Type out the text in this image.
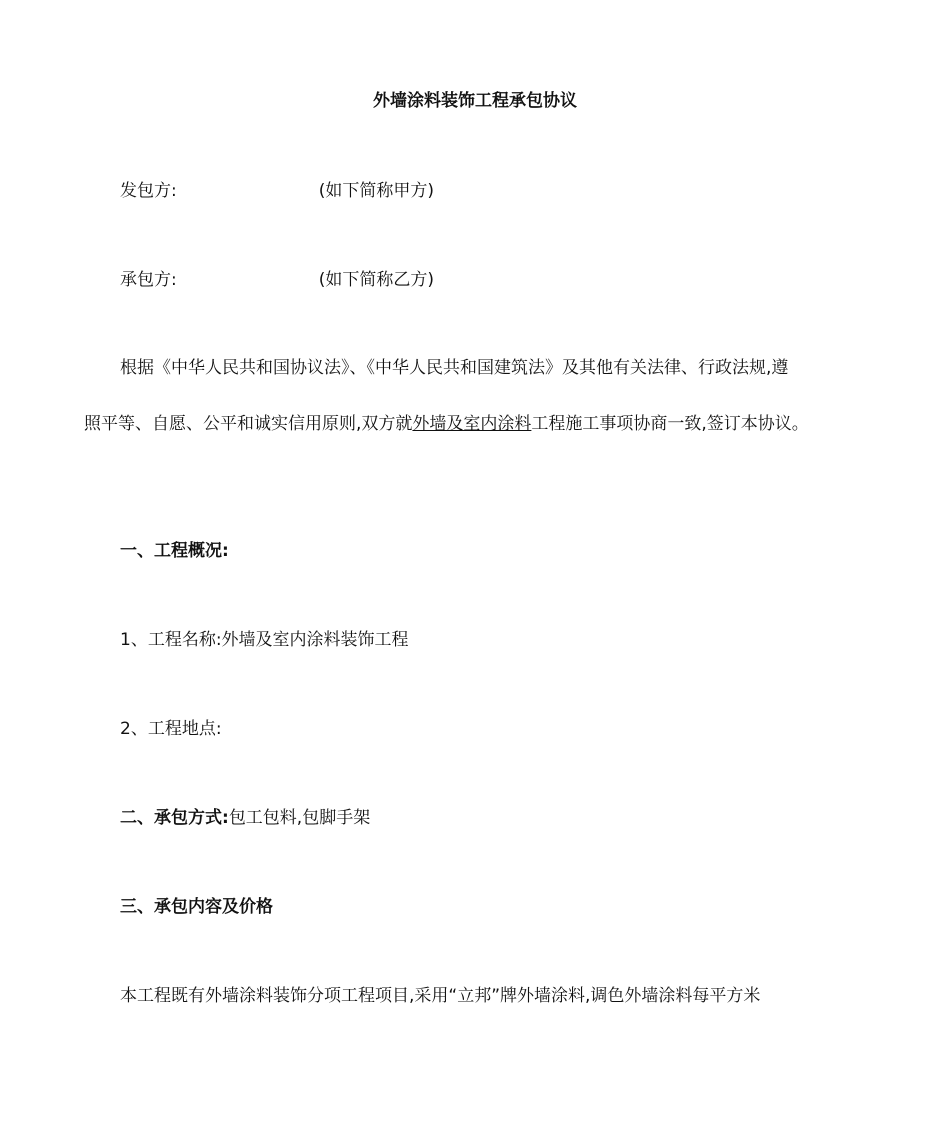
外墙涂料装饰工程承包协议
发包方:	(如下简称甲方)
承包方:	(如下简称乙方)
根据《中华人民共和国协议法》、《中华人民共和国建筑法》及其他有关法律、行政法规,遵
照平等、自愿、公平和诚实信用原则,双方就外墙及室内涂料工程施工事项协商一致,签订本协议。
一、工程概况:
1、工程名称:外墙及室内涂料装饰工程
2、工程地点:
二、承包方式:包工包料,包脚手架
三、承包内容及价格
本工程既有外墙涂料装饰分项工程项目,采用“立邦”牌外墙涂料,调色外墙涂料每平方米
